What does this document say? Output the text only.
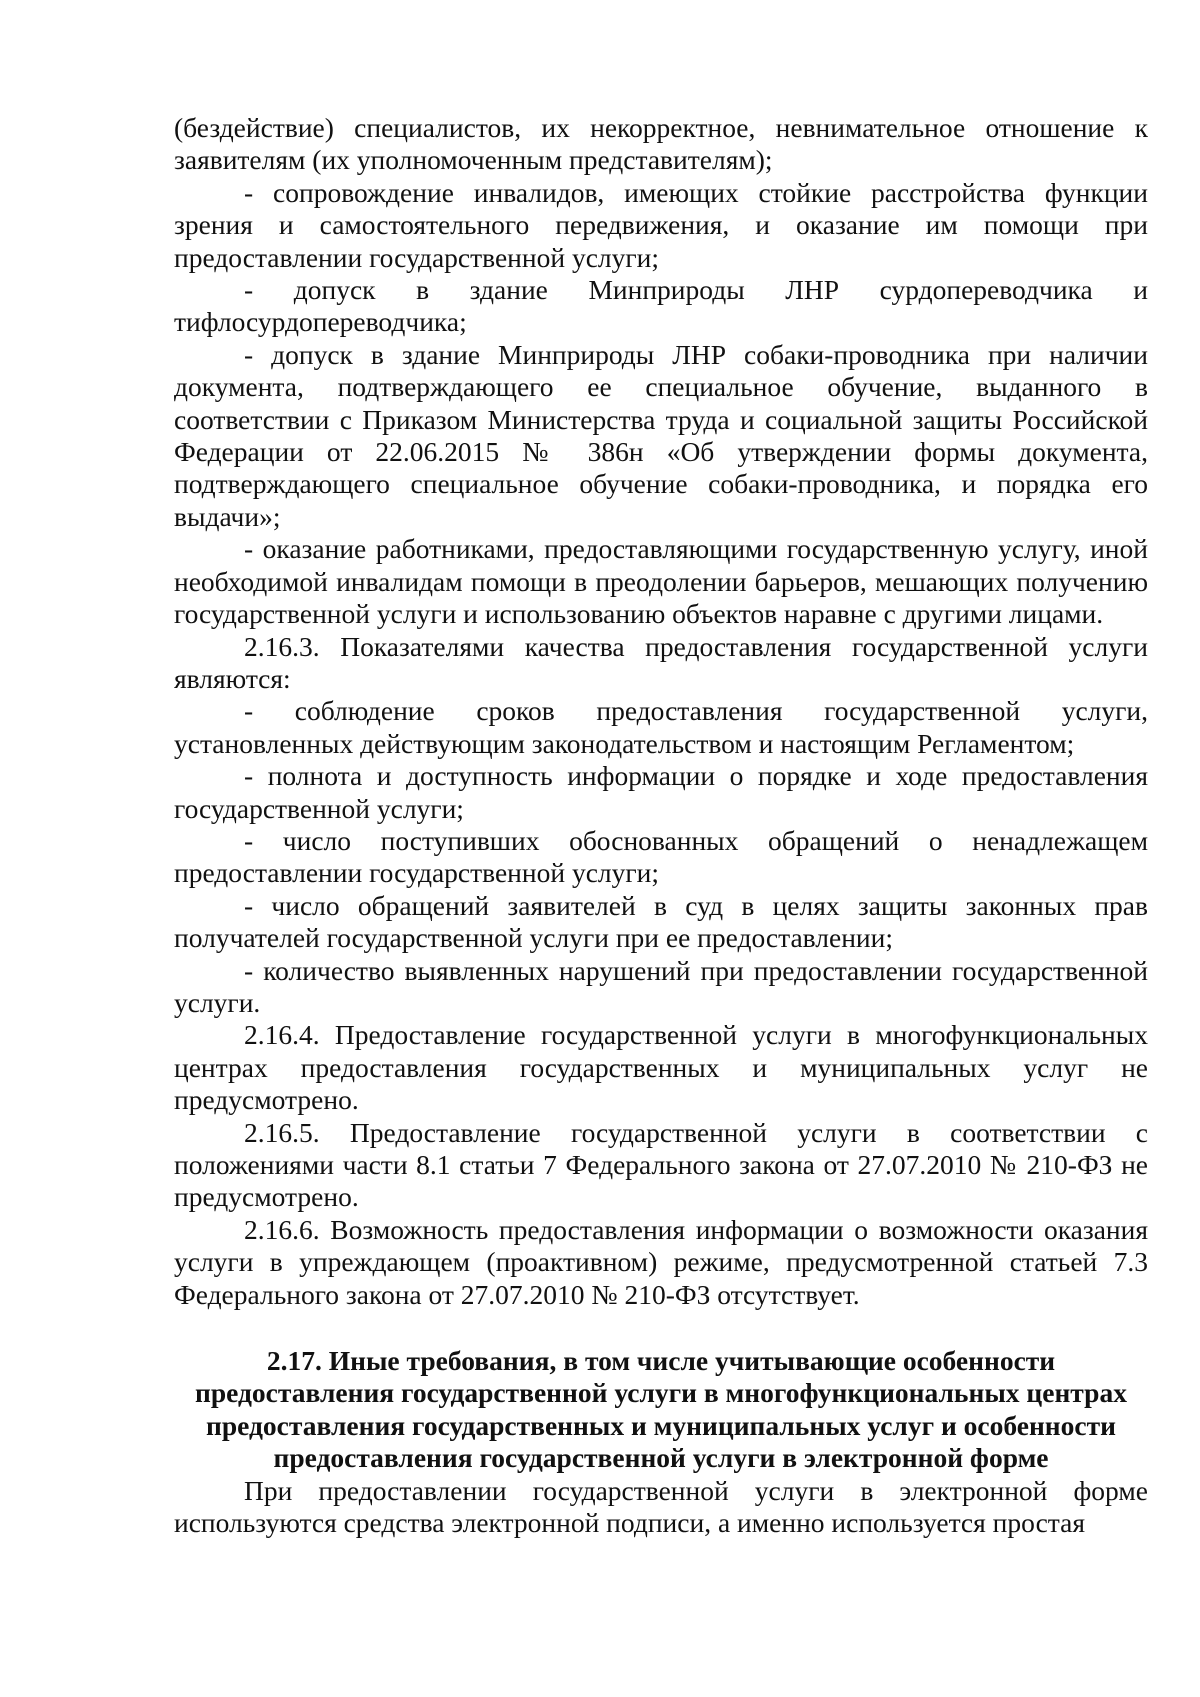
(бездействие) специалистов, их некорректное, невнимательное отношение к заявителям (их уполномоченным представителям);

- сопровождение инвалидов, имеющих стойкие расстройства функции зрения и самостоятельного передвижения, и оказание им помощи при предоставлении государственной услуги;

- допуск в здание Минприроды ЛНР сурдопереводчика и тифлосурдопереводчика;

- допуск в здание Минприроды ЛНР собаки-проводника при наличии документа, подтверждающего ее специальное обучение, выданного в соответствии с Приказом Министерства труда и социальной защиты Российской Федерации от 22.06.2015 № 386н «Об утверждении формы документа, подтверждающего специальное обучение собаки-проводника, и порядка его выдачи»;

- оказание работниками, предоставляющими государственную услугу, иной необходимой инвалидам помощи в преодолении барьеров, мешающих получению государственной услуги и использованию объектов наравне с другими лицами.

2.16.3. Показателями качества предоставления государственной услуги являются:

- соблюдение сроков предоставления государственной услуги, установленных действующим законодательством и настоящим Регламентом;

- полнота и доступность информации о порядке и ходе предоставления государственной услуги;

- число поступивших обоснованных обращений о ненадлежащем предоставлении государственной услуги;

- число обращений заявителей в суд в целях защиты законных прав получателей государственной услуги при ее предоставлении;

- количество выявленных нарушений при предоставлении государственной услуги.

2.16.4. Предоставление государственной услуги в многофункциональных центрах предоставления государственных и муниципальных услуг не предусмотрено.

2.16.5. Предоставление государственной услуги в соответствии с положениями части 8.1 статьи 7 Федерального закона от 27.07.2010 № 210-ФЗ не предусмотрено.

2.16.6. Возможность предоставления информации о возможности оказания услуги в упреждающем (проактивном) режиме, предусмотренной статьей 7.3 Федерального закона от 27.07.2010 № 210-ФЗ отсутствует.

2.17. Иные требования, в том числе учитывающие особенности предоставления государственной услуги в многофункциональных центрах предоставления государственных и муниципальных услуг и особенности предоставления государственной услуги в электронной форме

При предоставлении государственной услуги в электронной форме используются средства электронной подписи, а именно используется простая
